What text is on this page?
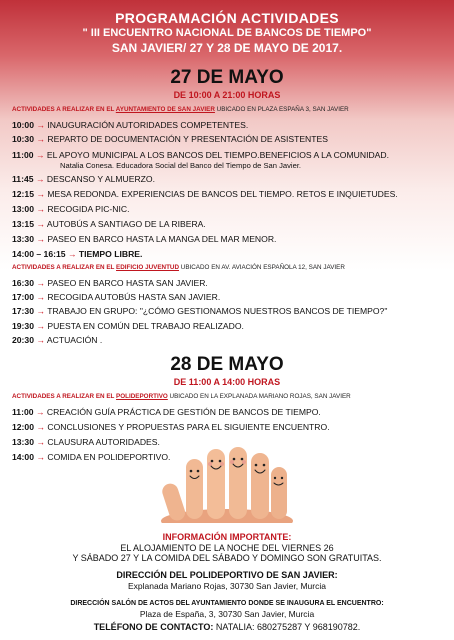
PROGRAMACIÓN ACTIVIDADES
" III ENCUENTRO NACIONAL DE BANCOS DE TIEMPO"
SAN JAVIER/ 27 Y 28 DE MAYO DE 2017.
27 DE MAYO
DE 10:00 A 21:00 HORAS
ACTIVIDADES A REALIZAR EN EL AYUNTAMIENTO DE SAN JAVIER UBICADO EN PLAZA ESPAÑA 3, SAN JAVIER
10:00 → INAUGURACIÓN AUTORIDADES COMPETENTES.
10:30 → REPARTO DE DOCUMENTACIÓN Y PRESENTACIÓN DE ASISTENTES
11:00 → EL APOYO MUNICIPAL A LOS BANCOS DEL TIEMPO.BENEFICIOS A LA COMUNIDAD.
Natalia Conesa. Educadora Social del Banco del Tiempo de San Javier.
11:45 → DESCANSO Y ALMUERZO.
12:15 → MESA REDONDA. EXPERIENCIAS DE BANCOS DEL TIEMPO. RETOS E INQUIETUDES.
13:00 → RECOGIDA PIC-NIC.
13:15 → AUTOBÚS A SANTIAGO DE LA RIBERA.
13:30 → PASEO EN BARCO HASTA LA MANGA DEL MAR MENOR.
14:00 – 16:15 → TIEMPO LIBRE.
ACTIVIDADES A REALIZAR EN EL EDIFICIO JUVENTUD UBICADO EN AV. AVIACIÓN ESPAÑOLA 12, SAN JAVIER
16:30 → PASEO EN BARCO HASTA SAN JAVIER.
17:00 → RECOGIDA AUTOBÚS HASTA SAN JAVIER.
17:30 → TRABAJO EN GRUPO: "¿CÓMO GESTIONAMOS NUESTROS BANCOS DE TIEMPO?"
19:30 → PUESTA EN COMÚN DEL TRABAJO REALIZADO.
20:30 → ACTUACIÓN .
28 DE MAYO
DE 11:00 A 14:00 HORAS
ACTIVIDADES A REALIZAR EN EL POLIDEPORTIVO UBICADO EN LA EXPLANADA MARIANO ROJAS, SAN JAVIER
11:00 → CREACIÓN GUÍA PRÁCTICA DE GESTIÓN DE BANCOS DE TIEMPO.
12:00 → CONCLUSIONES Y PROPUESTAS PARA EL SIGUIENTE ENCUENTRO.
13:30 → CLAUSURA AUTORIDADES.
14:00 → COMIDA EN POLIDEPORTIVO.
INFORMACIÓN IMPORTANTE:
EL ALOJAMIENTO DE LA NOCHE DEL VIERNES 26
Y SÁBADO 27 Y LA COMIDA DEL SÁBADO Y DOMINGO SON GRATUITAS.
DIRECCIÓN DEL POLIDEPORTIVO DE SAN JAVIER:
Explanada Mariano Rojas, 30730 San Javier, Murcia
DIRECCIÓN SALÓN DE ACTOS DEL AYUNTAMIENTO DONDE SE INAUGURA EL ENCUENTRO:
Plaza de España, 3, 30730 San Javier, Murcia
TELÉFONO DE CONTACTO: NATALIA: 680275287 Y 968190782.
